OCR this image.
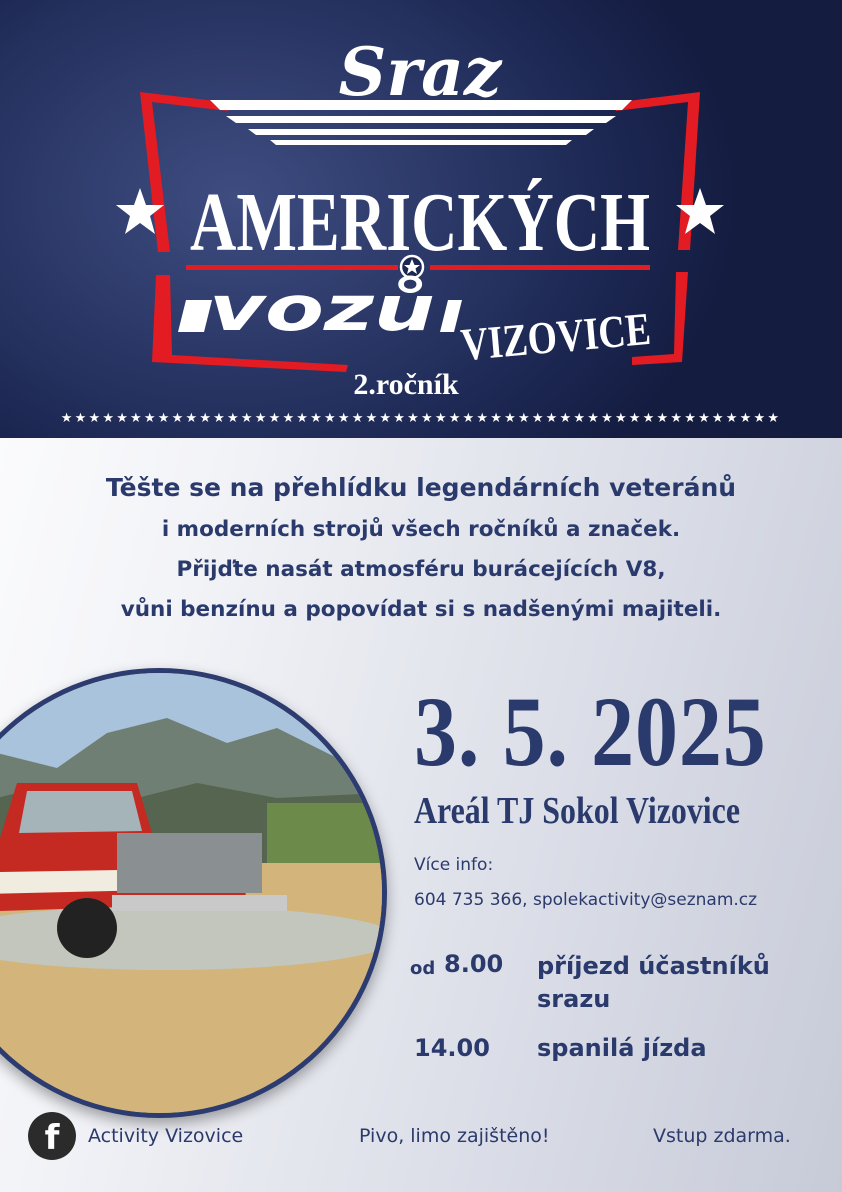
Sraz
AMERICKÝCH
vozů VIZOVICE
2.ročník
★★★★★★★★★★★★★★★★★★★★★★★★★★★★★★★★★★★★★★★★★★★★★★★★★★★★
Těšte se na přehlídku legendárních veteránů
i moderních strojů všech ročníků a značek.
Přijďte nasát atmosféru burácejících V8,
vůni benzínu a popovídat si s nadšenými majiteli.
3. 5. 2025
Areál TJ Sokol Vizovice
Více info:
604 735 366, spolekactivity@seznam.cz
od 8.00 příjezd účastníků srazu
14.00 spanilá jízda
f	Activity Vizovice	Pivo, limo zajištěno!	Vstup zdarma.
